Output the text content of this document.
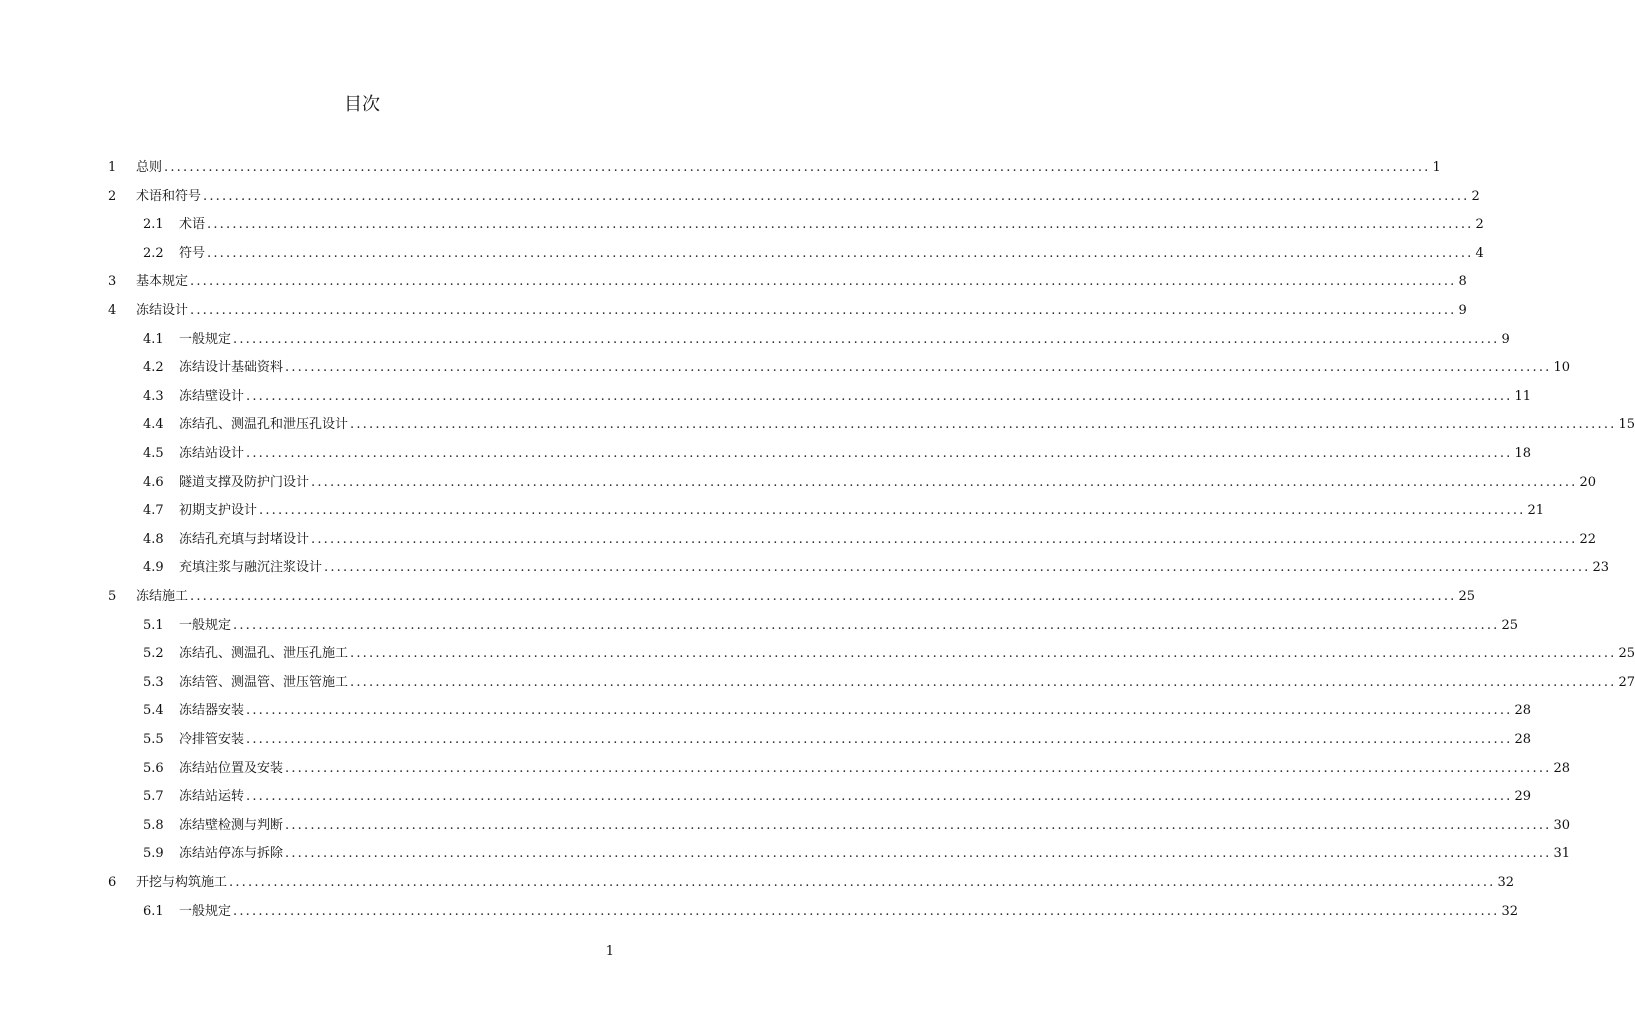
目次
1	总则 ........................................................................................................................................................................................................ 1
2	术语和符号 ........................................................................................................................................................................................................ 2
2.1	术语 ........................................................................................................................................................................................................ 2
2.2	符号 ........................................................................................................................................................................................................ 4
3	基本规定 ........................................................................................................................................................................................................ 8
4	冻结设计 ........................................................................................................................................................................................................ 9
4.1	一般规定 ........................................................................................................................................................................................................ 9
4.2	冻结设计基础资料 ........................................................................................................................................................................................................ 10
4.3	冻结壁设计 ........................................................................................................................................................................................................ 11
4.4	冻结孔、测温孔和泄压孔设计 ........................................................................................................................................................................................................ 15
4.5	冻结站设计 ........................................................................................................................................................................................................ 18
4.6	隧道支撑及防护门设计 ........................................................................................................................................................................................................ 20
4.7	初期支护设计 ........................................................................................................................................................................................................ 21
4.8	冻结孔充填与封堵设计 ........................................................................................................................................................................................................ 22
4.9	充填注浆与融沉注浆设计 ........................................................................................................................................................................................................ 23
5	冻结施工 ........................................................................................................................................................................................................ 25
5.1	一般规定 ........................................................................................................................................................................................................ 25
5.2	冻结孔、测温孔、泄压孔施工 ........................................................................................................................................................................................................ 25
5.3	冻结管、测温管、泄压管施工 ........................................................................................................................................................................................................ 27
5.4	冻结器安装 ........................................................................................................................................................................................................ 28
5.5	冷排管安装 ........................................................................................................................................................................................................ 28
5.6	冻结站位置及安装 ........................................................................................................................................................................................................ 28
5.7	冻结站运转 ........................................................................................................................................................................................................ 29
5.8	冻结壁检测与判断 ........................................................................................................................................................................................................ 30
5.9	冻结站停冻与拆除 ........................................................................................................................................................................................................ 31
6	开挖与构筑施工 ........................................................................................................................................................................................................ 32
6.1	一般规定 ........................................................................................................................................................................................................ 32
1
